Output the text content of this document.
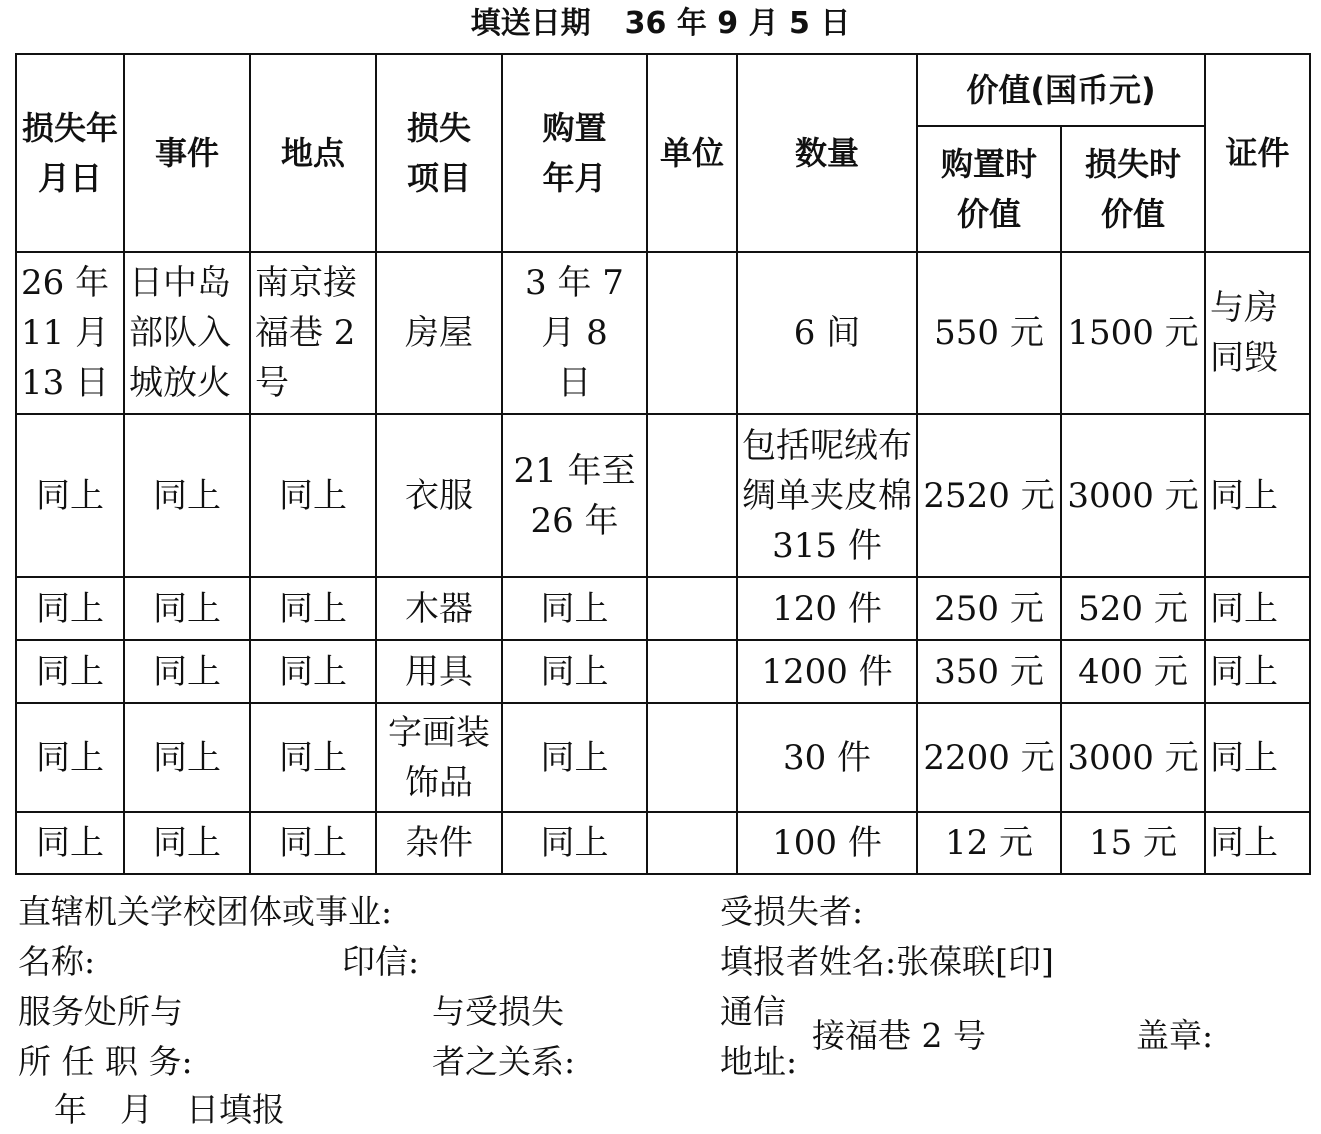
填送日期 36 年 9 月 5 日
损失年月日	事件	地点	损失项目	购置年月	单位	数量	价值(国币元)		证件
							购置时价值	损失时价值	
26 年 11 月 13 日	日中岛部队入城放火	南京接福巷 2 号	房屋	3 年 7 月 8 日		6 间	550 元	1500 元	与房同毁
同上	同上	同上	衣服	21 年至 26 年		包括呢绒布绸单夹皮棉 315 件	2520 元	3000 元	同上
同上	同上	同上	木器	同上		120 件	250 元	520 元	同上
同上	同上	同上	用具	同上		1200 件	350 元	400 元	同上
同上	同上	同上	字画装饰品	同上		30 件	2200 元	3000 元	同上
同上	同上	同上	杂件	同上		100 件	12 元	15 元	同上
直辖机关学校团体或事业:	受损失者:
名称:	印信:	填报者姓名:张葆联[印]
服务处所与	与受损失	通信
所 任 职 务:	者之关系:	地址:
接福巷 2 号	盖章:
年　月　日填报
